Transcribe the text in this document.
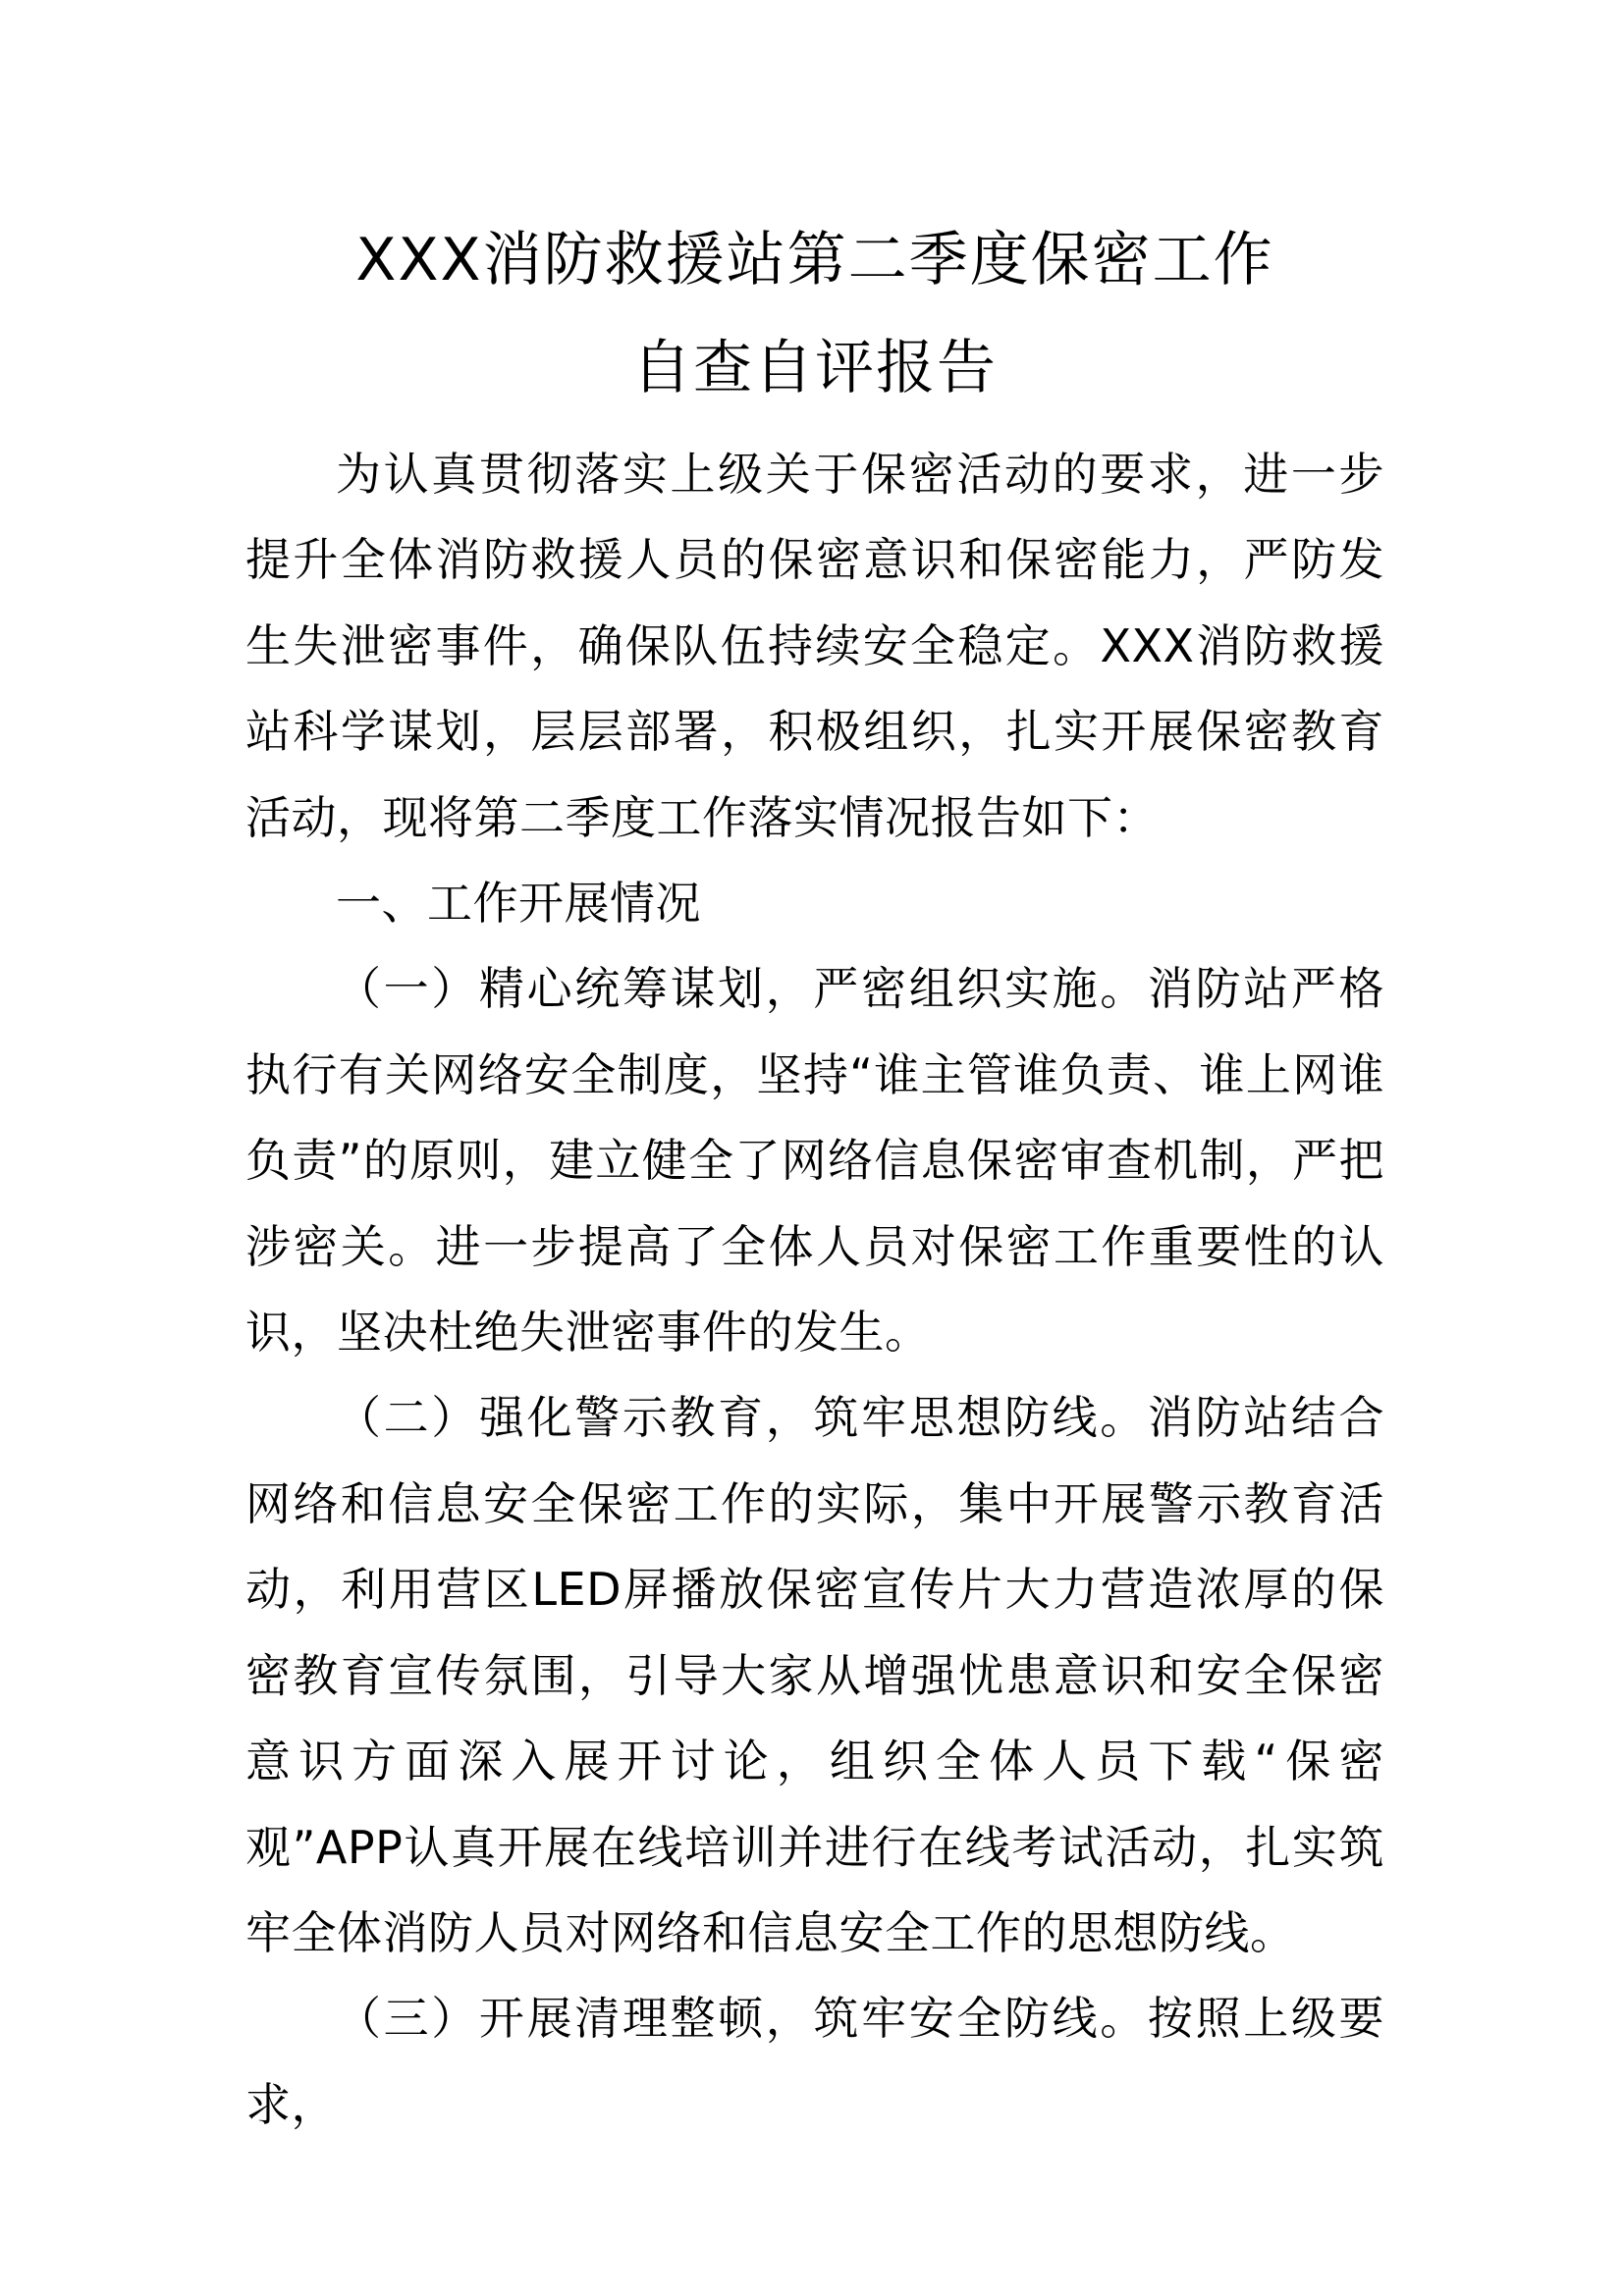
XXX消防救援站第二季度保密工作
自查自评报告

为认真贯彻落实上级关于保密活动的要求，进一步提升全体消防救援人员的保密意识和保密能力，严防发生失泄密事件，确保队伍持续安全稳定。XXX消防救援站科学谋划，层层部署，积极组织，扎实开展保密教育活动，现将第二季度工作落实情况报告如下：

一、工作开展情况

（一）精心统筹谋划，严密组织实施。消防站严格执行有关网络安全制度，坚持“谁主管谁负责、谁上网谁负责”的原则，建立健全了网络信息保密审查机制，严把涉密关。进一步提高了全体人员对保密工作重要性的认识，坚决杜绝失泄密事件的发生。

（二）强化警示教育，筑牢思想防线。消防站结合网络和信息安全保密工作的实际，集中开展警示教育活动，利用营区LED屏播放保密宣传片大力营造浓厚的保密教育宣传氛围，引导大家从增强忧患意识和安全保密意识方面深入展开讨论，组织全体人员下载“保密观”APP认真开展在线培训并进行在线考试活动，扎实筑牢全体消防人员对网络和信息安全工作的思想防线。

（三）开展清理整顿，筑牢安全防线。按照上级要求，
